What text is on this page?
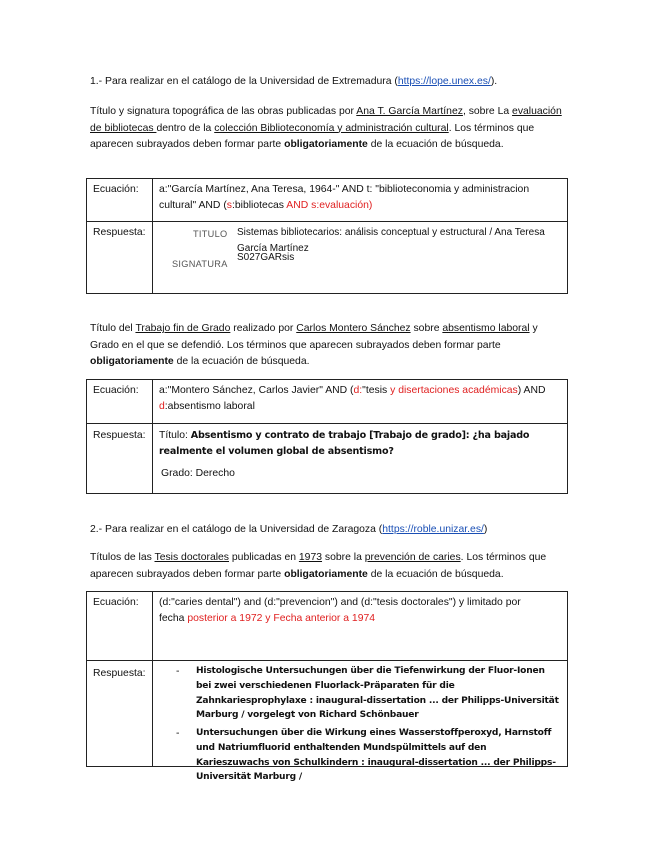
1.- Para realizar en el catálogo de la Universidad de Extremadura (https://lope.unex.es/).
Título y signatura topográfica de las obras publicadas por Ana T. García Martínez, sobre La evaluación de bibliotecas dentro de la colección Biblioteconomía y administración cultural. Los términos que aparecen subrayados deben formar parte obligatoriamente de la ecuación de búsqueda.
Ecuación: a:"García Martínez, Ana Teresa, 1964-" AND t: "biblioteconomia y administracion
cultural" AND (s:bibliotecas AND s:evaluación)
Respuesta:	TITULO Sistemas bibliotecarios: análisis conceptual y estructural / Ana Teresa García Martínez
SIGNATURA
S027GARsis
Título del Trabajo fin de Grado realizado por Carlos Montero Sánchez sobre absentismo laboral y Grado en el que se defendió. Los términos que aparecen subrayados deben formar parte obligatoriamente de la ecuación de búsqueda.
Ecuación: a:"Montero Sánchez, Carlos Javier" AND (d:"tesis y disertaciones académicas) AND
d:absentismo laboral
Respuesta: Título: Absentismo y contrato de trabajo [Trabajo de grado]: ¿ha bajado realmente el volumen global de absentismo?
Grado: Derecho
2.- Para realizar en el catálogo de la Universidad de Zaragoza (https://roble.unizar.es/)
Títulos de las Tesis doctorales publicadas en 1973 sobre la prevención de caries. Los términos que aparecen subrayados deben formar parte obligatoriamente de la ecuación de búsqueda.
Ecuación: (d:"caries dental") and (d:"prevencion") and (d:"tesis doctorales") y limitado por
fecha posterior a 1972 y Fecha anterior a 1974
Respuesta:	- Histologische Untersuchungen über die Tiefenwirkung der Fluor-Ionen bei zwei verschiedenen Fluorlack-Präparaten für die Zahnkariesprophylaxe : inaugural-dissertation ... der Philipps-Universität Marburg / vorgelegt von Richard Schönbauer
- Untersuchungen über die Wirkung eines Wasserstoffperoxyd, Harnstoff und Natriumfluorid enthaltenden Mundspülmittels auf den Karieszuwachs von Schulkindern : inaugural-dissertation ... der Philipps-Universität Marburg /
